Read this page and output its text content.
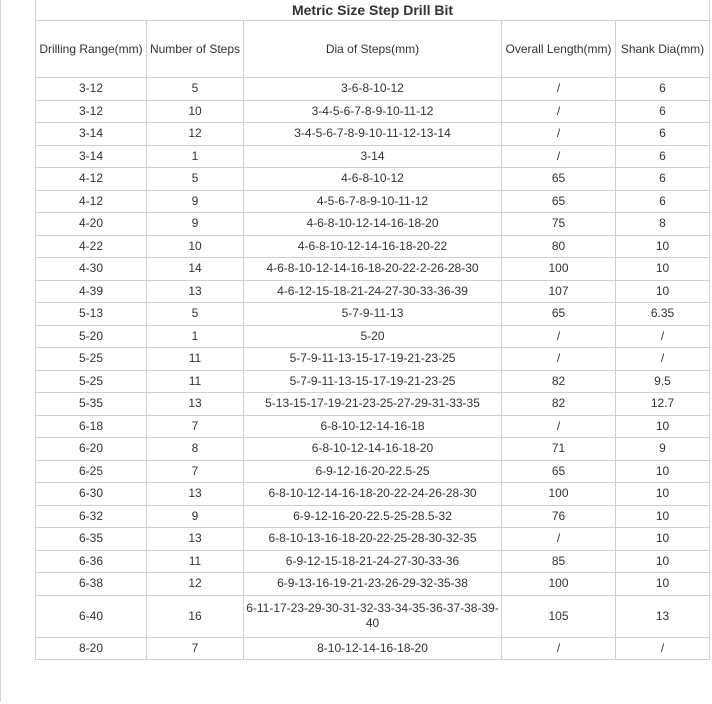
Metric Size Step Drill Bit				
Drilling Range(mm)	Number of Steps	Dia of Steps(mm)	Overall Length(mm)	Shank Dia(mm)
3-12	5	3-6-8-10-12	/	6
3-12	10	3-4-5-6-7-8-9-10-11-12	/	6
3-14	12	3-4-5-6-7-8-9-10-11-12-13-14	/	6
3-14	1	3-14	/	6
4-12	5	4-6-8-10-12	65	6
4-12	9	4-5-6-7-8-9-10-11-12	65	6
4-20	9	4-6-8-10-12-14-16-18-20	75	8
4-22	10	4-6-8-10-12-14-16-18-20-22	80	10
4-30	14	4-6-8-10-12-14-16-18-20-22-2-26-28-30	100	10
4-39	13	4-6-12-15-18-21-24-27-30-33-36-39	107	10
5-13	5	5-7-9-11-13	65	6.35
5-20	1	5-20	/	/
5-25	11	5-7-9-11-13-15-17-19-21-23-25	/	/
5-25	11	5-7-9-11-13-15-17-19-21-23-25	82	9.5
5-35	13	5-13-15-17-19-21-23-25-27-29-31-33-35	82	12.7
6-18	7	6-8-10-12-14-16-18	/	10
6-20	8	6-8-10-12-14-16-18-20	71	9
6-25	7	6-9-12-16-20-22.5-25	65	10
6-30	13	6-8-10-12-14-16-18-20-22-24-26-28-30	100	10
6-32	9	6-9-12-16-20-22.5-25-28.5-32	76	10
6-35	13	6-8-10-13-16-18-20-22-25-28-30-32-35	/	10
6-36	11	6-9-12-15-18-21-24-27-30-33-36	85	10
6-38	12	6-9-13-16-19-21-23-26-29-32-35-38	100	10
6-40	16	6-11-17-23-29-30-31-32-33-34-35-36-37-38-39-40	105	13
8-20	7	8-10-12-14-16-18-20	/	/
